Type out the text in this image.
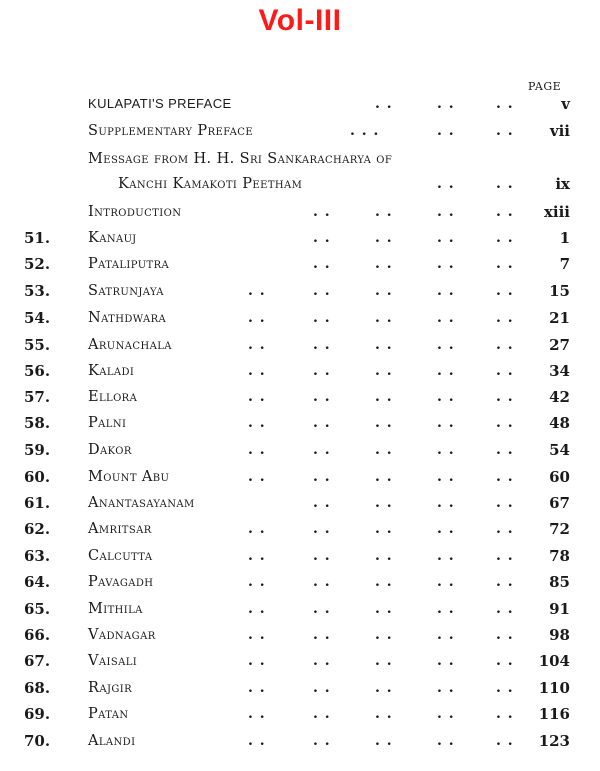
Vol-III
PAGE
KULAPATI'S PREFACE	. .	. .	. .	v
Supplementary Preface	. . .	. .	. .	vii
Message from H. H. Sri Sankaracharya of
Kanchi Kamakoti Peetham	. .	. .	ix
Introduction	. .	. .	. .	. .	xiii
51.	Kanauj	. .	. .	. .	. .	1
52.	Pataliputra	. .	. .	. .	. .	7
53.	Satrunjaya	. .	. .	. .	. .	. .	15
54.	Nathdwara	. .	. .	. .	. .	. .	21
55.	Arunachala	. .	. .	. .	. .	. .	27
56.	Kaladi	. .	. .	. .	. .	. .	34
57.	Ellora	. .	. .	. .	. .	. .	42
58.	Palni	. .	. .	. .	. .	. .	48
59.	Dakor	. .	. .	. .	. .	. .	54
60.	Mount Abu	. .	. .	. .	. .	. .	60
61.	Anantasayanam	. .	. .	. .	. .	67
62.	Amritsar	. .	. .	. .	. .	. .	72
63.	Calcutta	. .	. .	. .	. .	. .	78
64.	Pavagadh	. .	. .	. .	. .	. .	85
65.	Mithila	. .	. .	. .	. .	. .	91
66.	Vadnagar	. .	. .	. .	. .	. .	98
67.	Vaisali	. .	. .	. .	. .	. .	104
68.	Rajgir	. .	. .	. .	. .	. .	110
69.	Patan	. .	. .	. .	. .	. .	116
70.	Alandi	. .	. .	. .	. .	. .	123
